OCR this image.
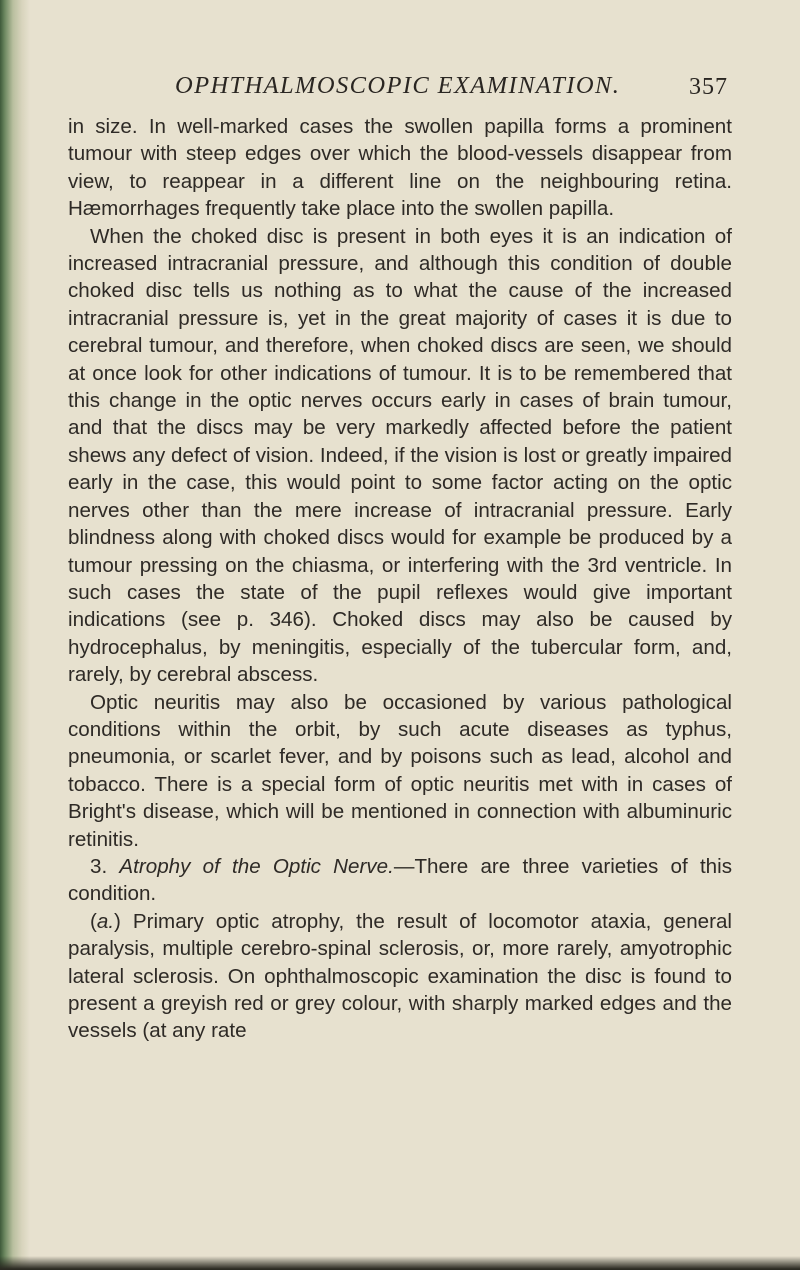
OPHTHALMOSCOPIC EXAMINATION.	357

in size. In well-marked cases the swollen papilla forms a prominent tumour with steep edges over which the blood-vessels disappear from view, to reappear in a different line on the neighbouring retina. Hæmorrhages frequently take place into the swollen papilla.

When the choked disc is present in both eyes it is an indication of increased intracranial pressure, and although this condition of double choked disc tells us nothing as to what the cause of the increased intracranial pressure is, yet in the great majority of cases it is due to cerebral tumour, and therefore, when choked discs are seen, we should at once look for other indications of tumour. It is to be remembered that this change in the optic nerves occurs early in cases of brain tumour, and that the discs may be very markedly affected before the patient shews any defect of vision. Indeed, if the vision is lost or greatly impaired early in the case, this would point to some factor acting on the optic nerves other than the mere increase of intracranial pressure. Early blindness along with choked discs would for example be produced by a tumour pressing on the chiasma, or interfering with the 3rd ventricle. In such cases the state of the pupil reflexes would give important indications (see p. 346). Choked discs may also be caused by hydrocephalus, by meningitis, especially of the tubercular form, and, rarely, by cerebral abscess.

Optic neuritis may also be occasioned by various pathological conditions within the orbit, by such acute diseases as typhus, pneumonia, or scarlet fever, and by poisons such as lead, alcohol and tobacco. There is a special form of optic neuritis met with in cases of Bright's disease, which will be mentioned in connection with albuminuric retinitis.

3. Atrophy of the Optic Nerve.—There are three varieties of this condition.

(a.) Primary optic atrophy, the result of locomotor ataxia, general paralysis, multiple cerebro-spinal sclerosis, or, more rarely, amyotrophic lateral sclerosis. On ophthalmoscopic examination the disc is found to present a greyish red or grey colour, with sharply marked edges and the vessels (at any rate
